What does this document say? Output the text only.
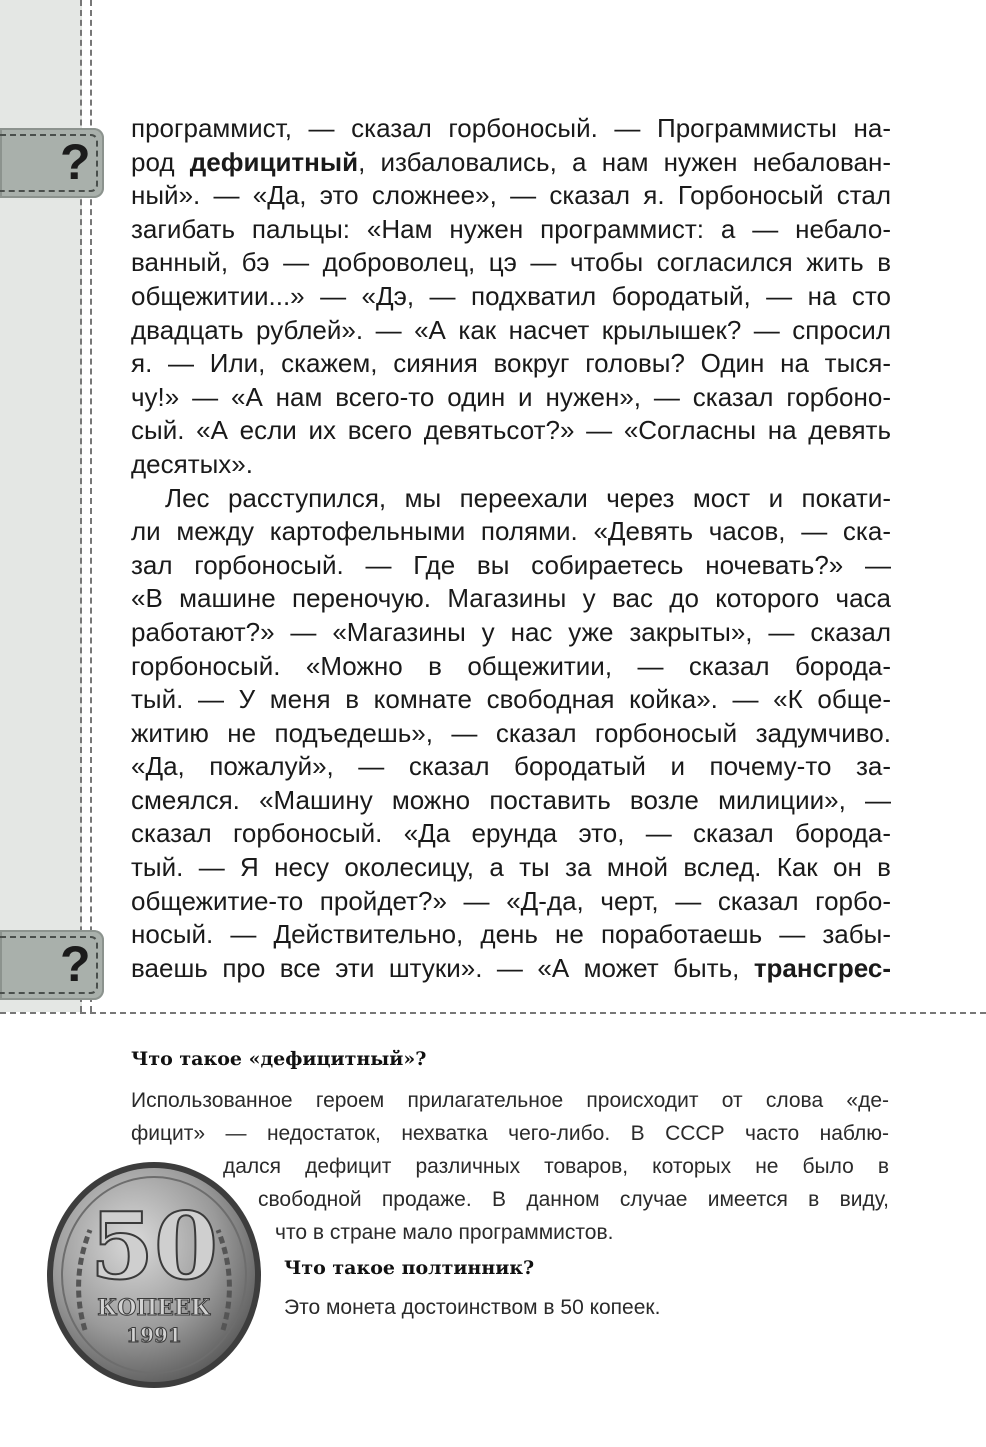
?
?
программист, — сказал горбоносый. — Программисты на-
род дефицитный, избаловались, а нам нужен небалован-
ный». — «Да, это сложнее», — сказал я. Горбоносый стал
загибать пальцы: «Нам нужен программист: а — небало-
ванный, бэ — доброволец, цэ — чтобы согласился жить в
общежитии...» — «Дэ, — подхватил бородатый, — на сто
двадцать рублей». — «А как насчет крылышек? — спросил
я. — Или, скажем, сияния вокруг головы? Один на тыся-
чу!» — «А нам всего-то один и нужен», — сказал горбоно-
сый. «А если их всего девятьсот?» — «Согласны на девять
десятых».
Лес расступился, мы переехали через мост и покати-
ли между картофельными полями. «Девять часов, — ска-
зал горбоносый. — Где вы собираетесь ночевать?» —
«В машине переночую. Магазины у вас до которого часа
работают?» — «Магазины у нас уже закрыты», — сказал
горбоносый. «Можно в общежитии, — сказал борода-
тый. — У меня в комнате свободная койка». — «К обще-
житию не подъедешь», — сказал горбоносый задумчиво.
«Да, пожалуй», — сказал бородатый и почему-то за-
смеялся. «Машину можно поставить возле милиции», —
сказал горбоносый. «Да ерунда это, — сказал борода-
тый. — Я несу околесицу, а ты за мной вслед. Как он в
общежитие-то пройдет?» — «Д-да, черт, — сказал горбо-
носый. — Действительно, день не поработаешь — забы-
ваешь про все эти штуки». — «А может быть, трансгрес-
Что такое «дефицитный»?
Использованное героем прилагательное происходит от слова «де-
фицит» — недостаток, нехватка чего-либо. В СССР часто наблю-
дался дефицит различных товаров, которых не было в
свободной продаже. В данном случае имеется в виду,
что в стране мало программистов.
Что такое полтинник?
Это монета достоинством в 50 копеек.
50
КОПЕЕК
1991
